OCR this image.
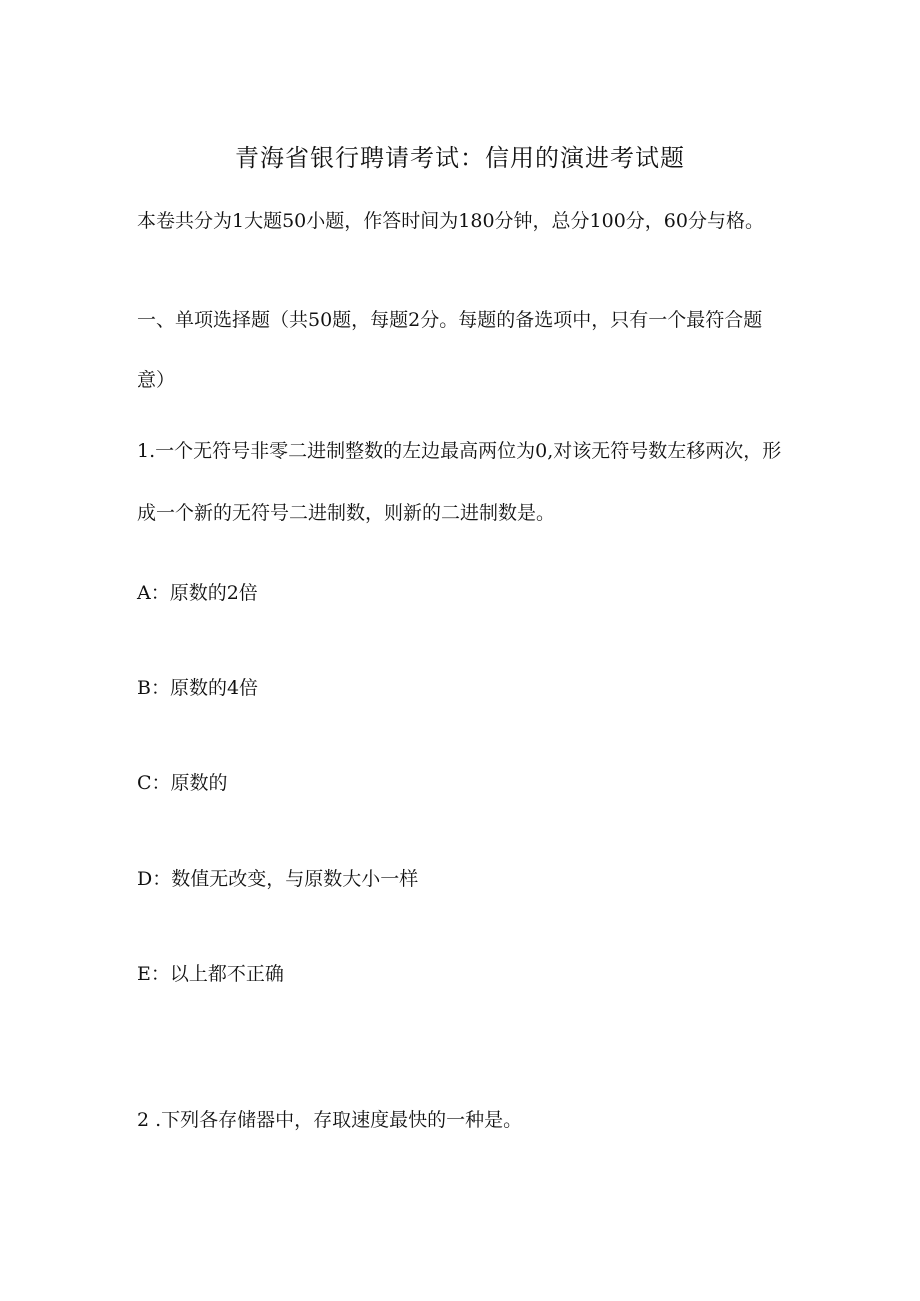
青海省银行聘请考试：信用的演进考试题
本卷共分为1大题50小题，作答时间为180分钟，总分100分，60分与格。
一、单项选择题（共50题，每题2分。每题的备选项中，只有一个最符合题意）
1.一个无符号非零二进制整数的左边最高两位为0,对该无符号数左移两次，形成一个新的无符号二进制数，则新的二进制数是。
A：原数的2倍
B：原数的4倍
C：原数的
D：数值无改变，与原数大小一样
E：以上都不正确
2 .下列各存储器中，存取速度最快的一种是。
